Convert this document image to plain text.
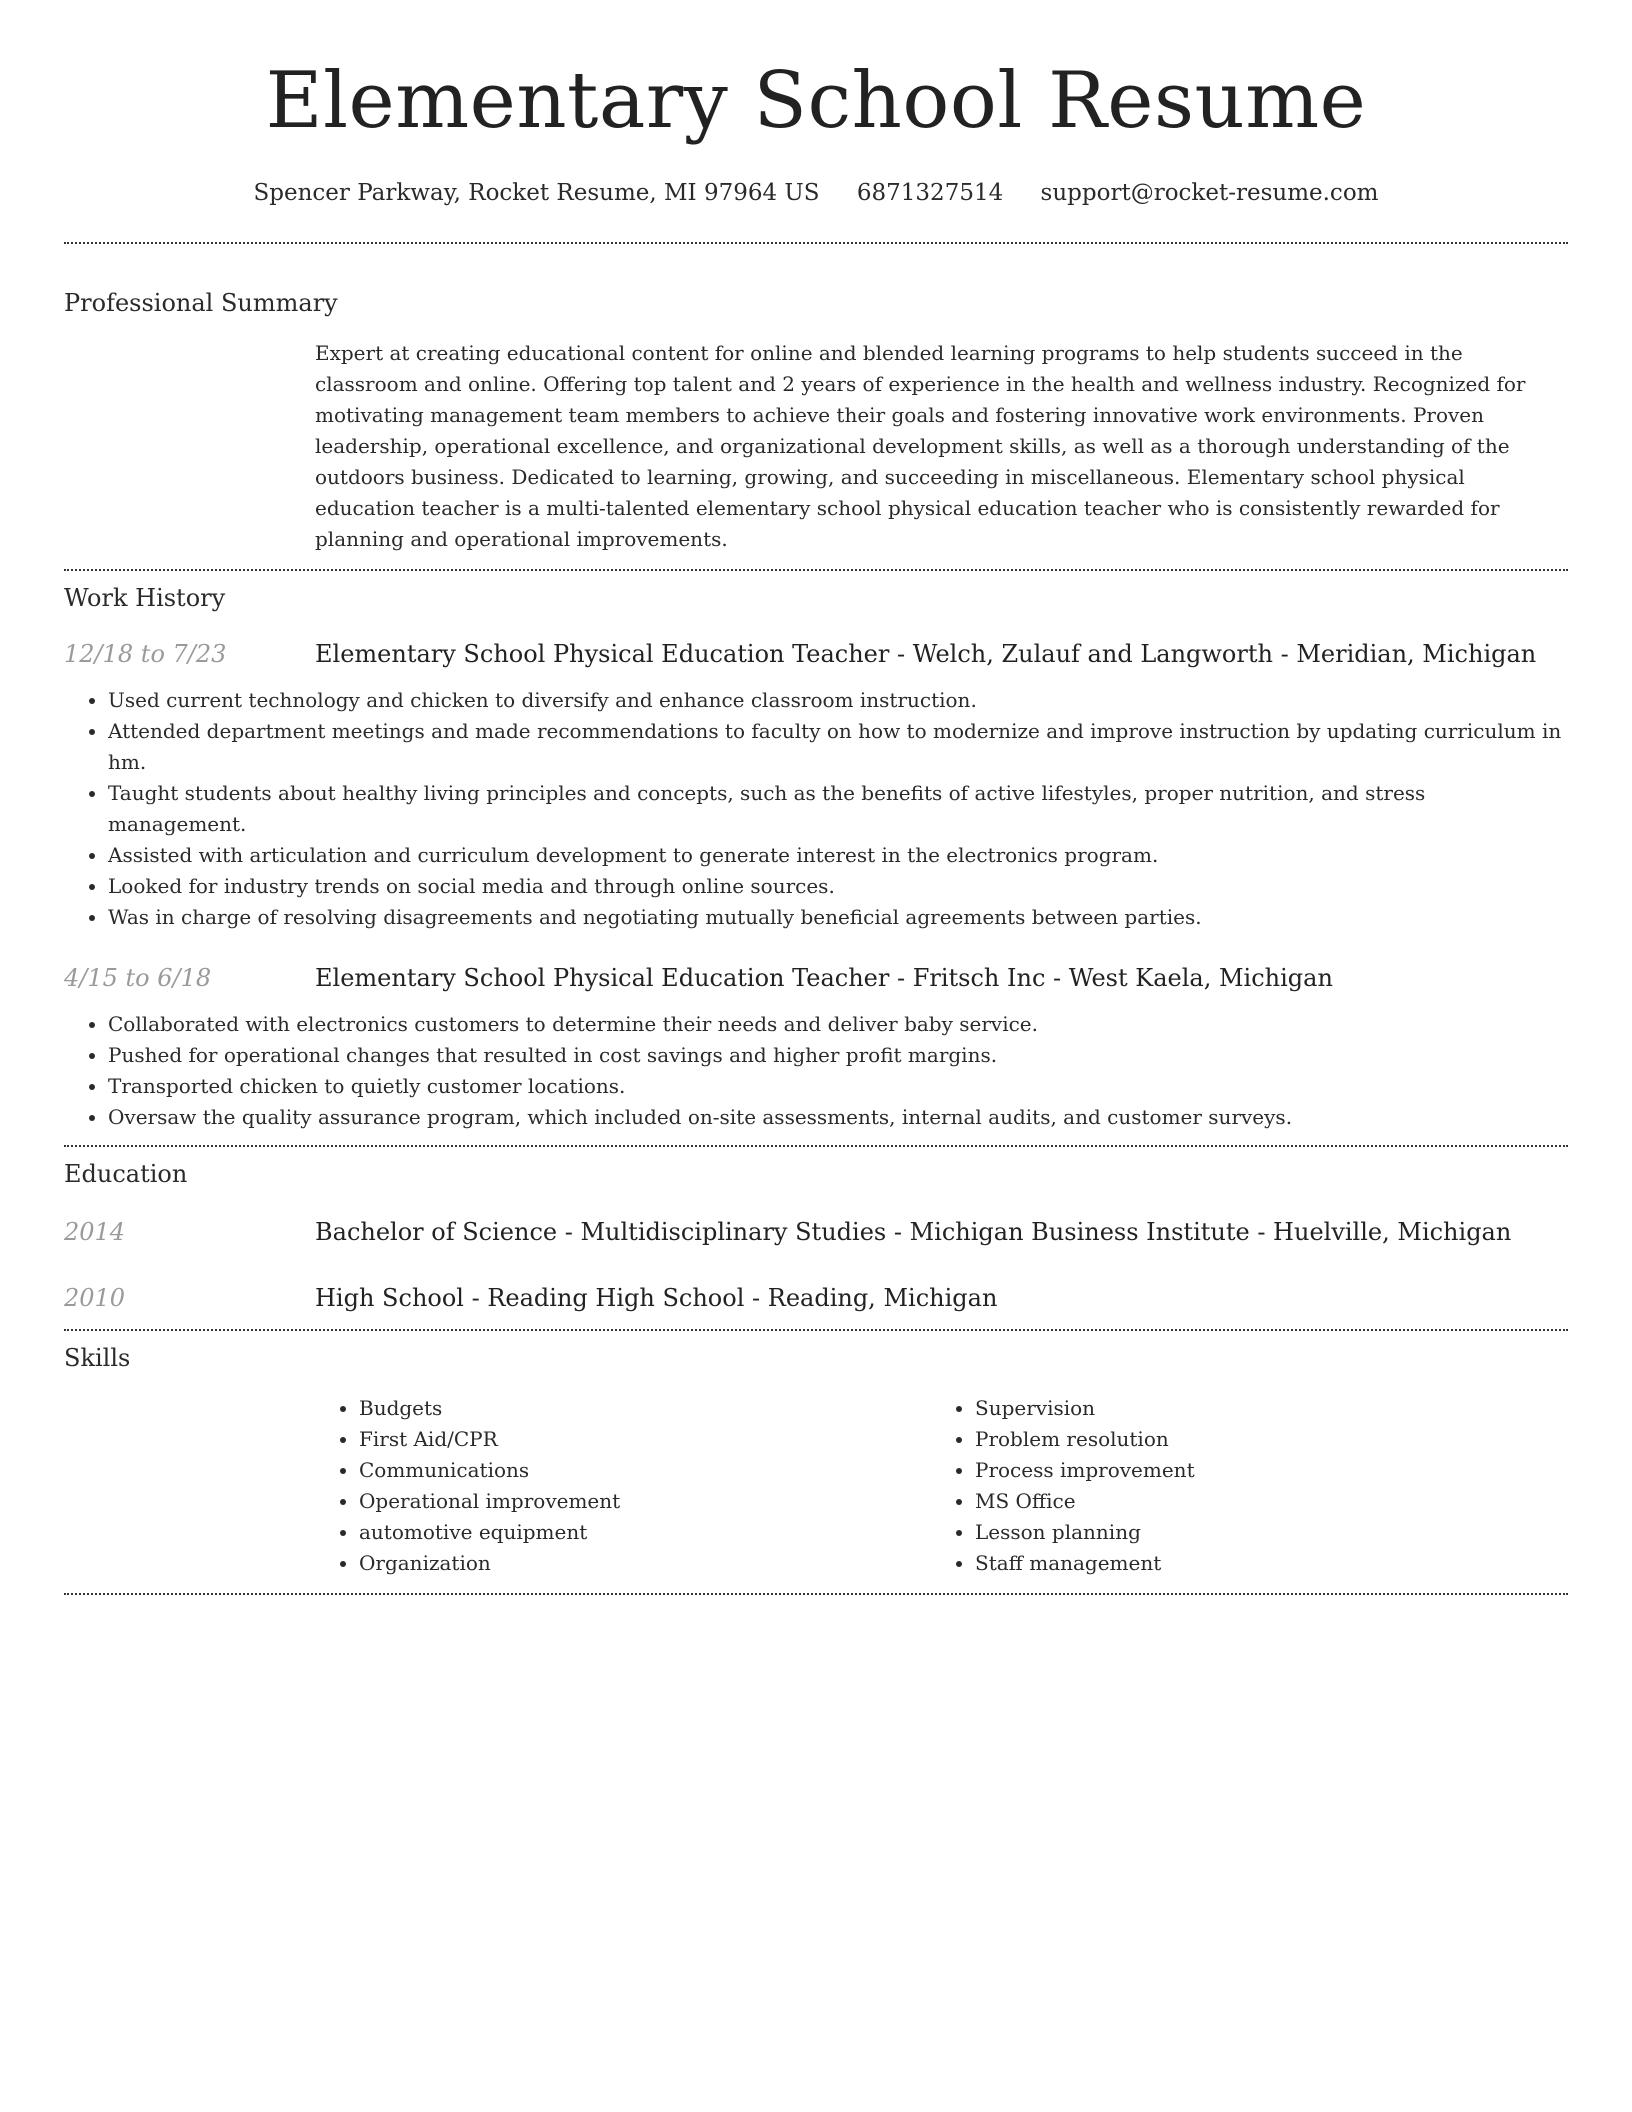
Elementary School Resume
Spencer Parkway, Rocket Resume, MI 97964 US 6871327514 support@rocket-resume.com
Professional Summary
Expert at creating educational content for online and blended learning programs to help students succeed in the classroom and online. Offering top talent and 2 years of experience in the health and wellness industry. Recognized for motivating management team members to achieve their goals and fostering innovative work environments. Proven leadership, operational excellence, and organizational development skills, as well as a thorough understanding of the outdoors business. Dedicated to learning, growing, and succeeding in miscellaneous. Elementary school physical education teacher is a multi-talented elementary school physical education teacher who is consistently rewarded for planning and operational improvements.
Work History
12/18 to 7/23	Elementary School Physical Education Teacher - Welch, Zulauf and Langworth - Meridian, Michigan
• Used current technology and chicken to diversify and enhance classroom instruction.
• Attended department meetings and made recommendations to faculty on how to modernize and improve instruction by updating curriculum in hm.
• Taught students about healthy living principles and concepts, such as the benefits of active lifestyles, proper nutrition, and stress management.
• Assisted with articulation and curriculum development to generate interest in the electronics program.
• Looked for industry trends on social media and through online sources.
• Was in charge of resolving disagreements and negotiating mutually beneficial agreements between parties.
4/15 to 6/18	Elementary School Physical Education Teacher - Fritsch Inc - West Kaela, Michigan
• Collaborated with electronics customers to determine their needs and deliver baby service.
• Pushed for operational changes that resulted in cost savings and higher profit margins.
• Transported chicken to quietly customer locations.
• Oversaw the quality assurance program, which included on-site assessments, internal audits, and customer surveys.
Education
2014	Bachelor of Science - Multidisciplinary Studies - Michigan Business Institute - Huelville, Michigan
2010	High School - Reading High School - Reading, Michigan
Skills
• Budgets
• First Aid/CPR
• Communications
• Operational improvement
• automotive equipment
• Organization
• Supervision
• Problem resolution
• Process improvement
• MS Office
• Lesson planning
• Staff management
